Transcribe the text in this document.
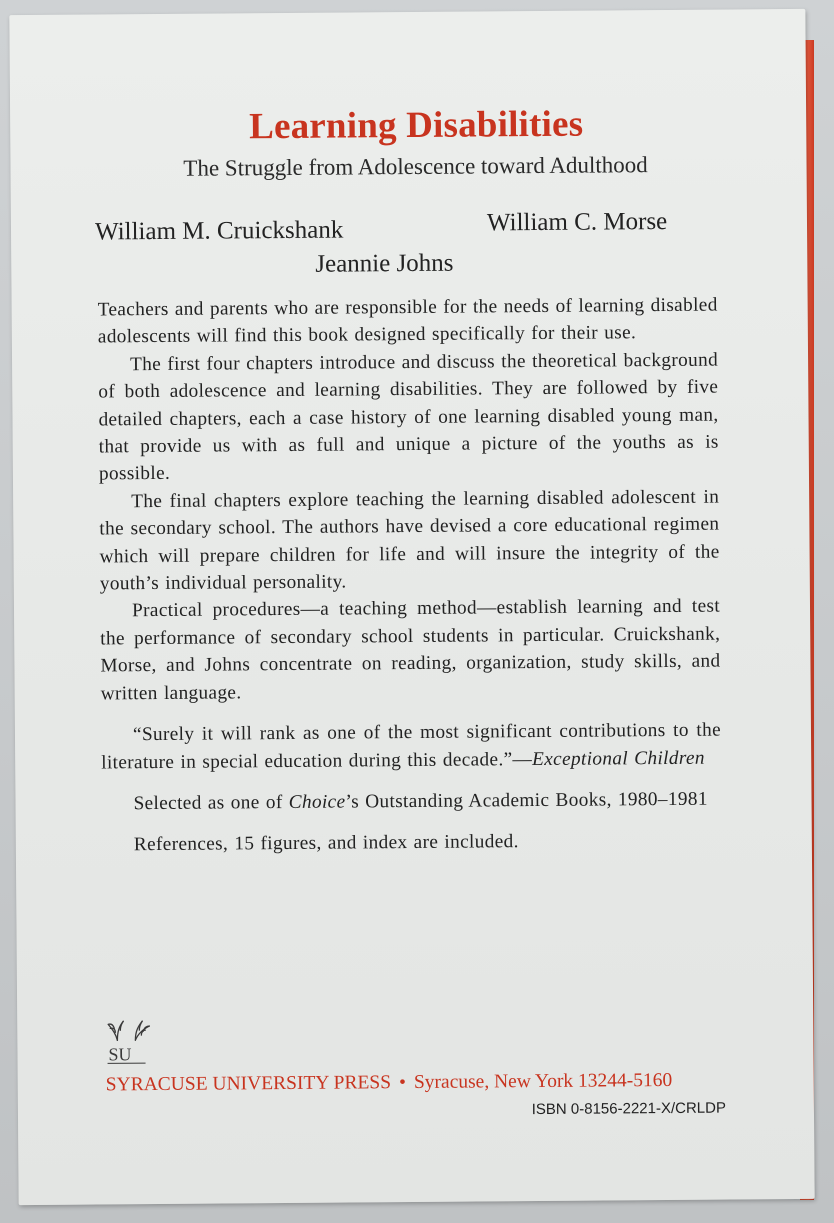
Learning Disabilities
The Struggle from Adolescence toward Adulthood
William M. Cruickshank	William C. Morse
Jeannie Johns

Teachers and parents who are responsible for the needs of learning disabled adolescents will find this book designed specifically for their use.

The first four chapters introduce and discuss the theoretical background of both adolescence and learning disabilities. They are followed by five detailed chapters, each a case history of one learning disabled young man, that provide us with as full and unique a picture of the youths as is possible.

The final chapters explore teaching the learning disabled adolescent in the secondary school. The authors have devised a core educational regimen which will prepare children for life and will insure the integrity of the youth’s individual personality.

Practical procedures—a teaching method—establish learning and test the performance of secondary school students in particular. Cruickshank, Morse, and Johns concentrate on reading, organization, study skills, and written language.

“Surely it will rank as one of the most significant contributions to the literature in special education during this decade.”—Exceptional Children

Selected as one of Choice’s Outstanding Academic Books, 1980–1981

References, 15 figures, and index are included.

SU
SYRACUSE UNIVERSITY PRESS • Syracuse, New York 13244-5160
ISBN 0-8156-2221-X/CRLDP
